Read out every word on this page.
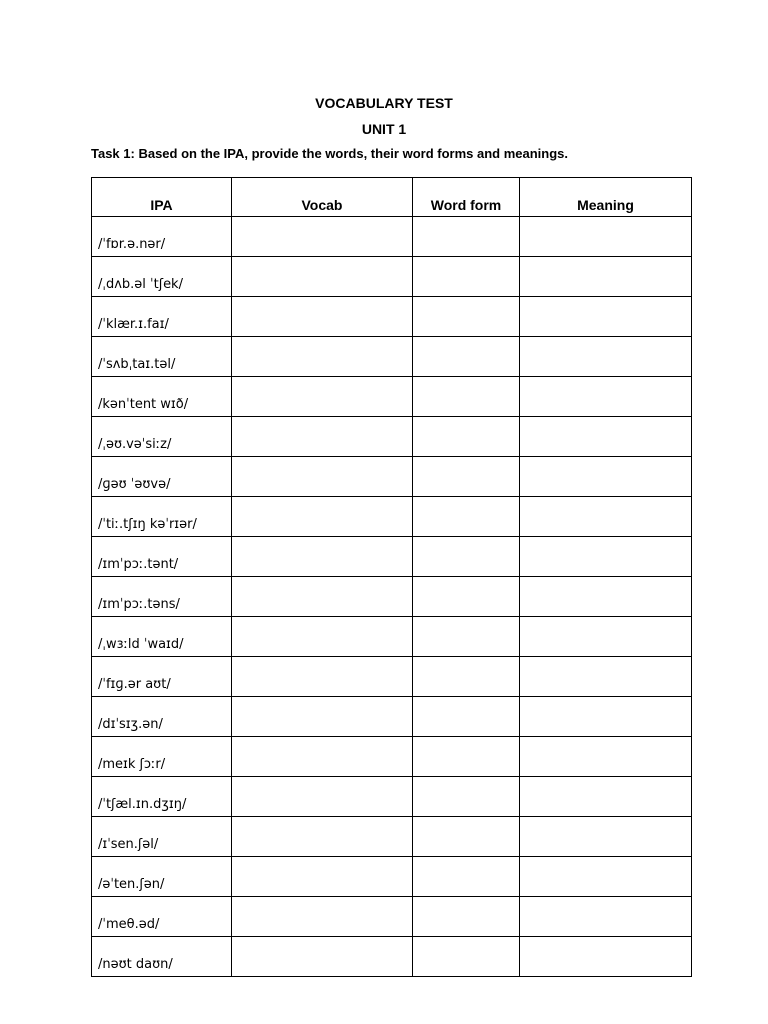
VOCABULARY TEST
UNIT 1
Task 1: Based on the IPA, provide the words, their word forms and meanings.
IPA	Vocab	Word form	Meaning
/ˈfɒr.ə.nər/			
/ˌdʌb.əl ˈtʃek/			
/ˈklær.ɪ.faɪ/			
/ˈsʌbˌtaɪ.təl/			
/kənˈtent wɪð/			
/ˌəʊ.vəˈsiːz/			
/ɡəʊ ˈəʊvə/			
/ˈtiː.tʃɪŋ kəˈrɪər/			
/ɪmˈpɔː.tənt/			
/ɪmˈpɔː.təns/			
/ˌwɜːld ˈwaɪd/			
/ˈfɪɡ.ər aʊt/			
/dɪˈsɪʒ.ən/			
/meɪk ʃɔːr/			
/ˈtʃæl.ɪn.dʒɪŋ/			
/ɪˈsen.ʃəl/			
/əˈten.ʃən/			
/ˈmeθ.əd/			
/nəʊt daʊn/			
